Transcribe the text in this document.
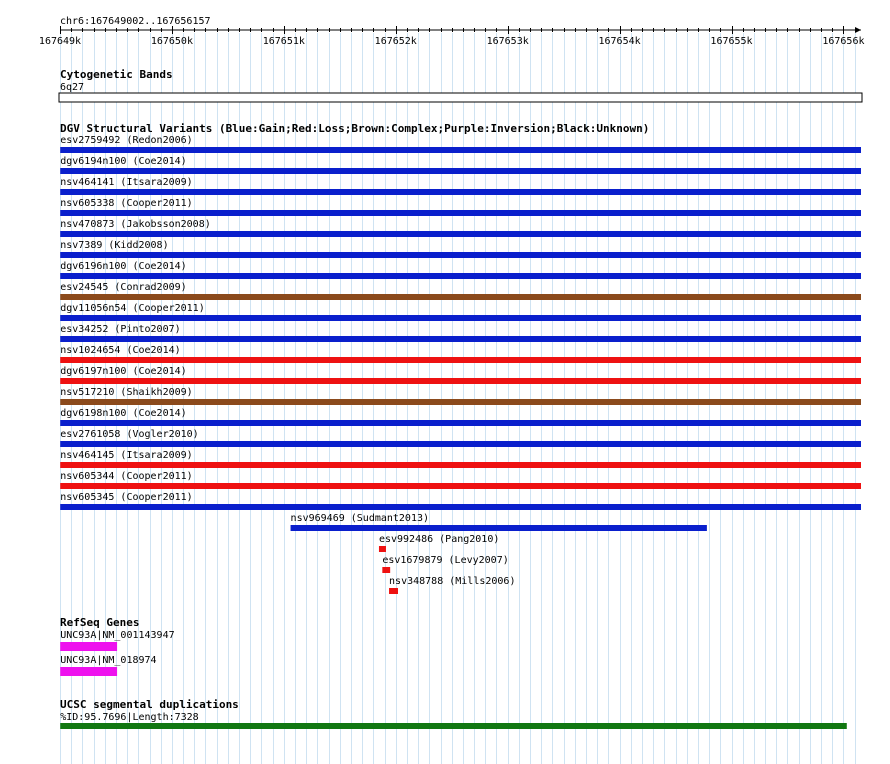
chr6:167649002..167656157
167649k	167650k	167651k	167652k	167653k	167654k	167655k	167656k
Cytogenetic Bands
6q27
DGV Structural Variants (Blue:Gain;Red:Loss;Brown:Complex;Purple:Inversion;Black:Unknown)
esv2759492 (Redon2006)
dgv6194n100 (Coe2014)
nsv464141 (Itsara2009)
nsv605338 (Cooper2011)
nsv470873 (Jakobsson2008)
nsv7389 (Kidd2008)
dgv6196n100 (Coe2014)
esv24545 (Conrad2009)
dgv11056n54 (Cooper2011)
esv34252 (Pinto2007)
nsv1024654 (Coe2014)
dgv6197n100 (Coe2014)
nsv517210 (Shaikh2009)
dgv6198n100 (Coe2014)
esv2761058 (Vogler2010)
nsv464145 (Itsara2009)
nsv605344 (Cooper2011)
nsv605345 (Cooper2011)
nsv969469 (Sudmant2013)
esv992486 (Pang2010)
esv1679879 (Levy2007)
nsv348788 (Mills2006)
RefSeq Genes
UNC93A|NM_001143947
UNC93A|NM_018974
UCSC segmental duplications
%ID:95.7696|Length:7328
